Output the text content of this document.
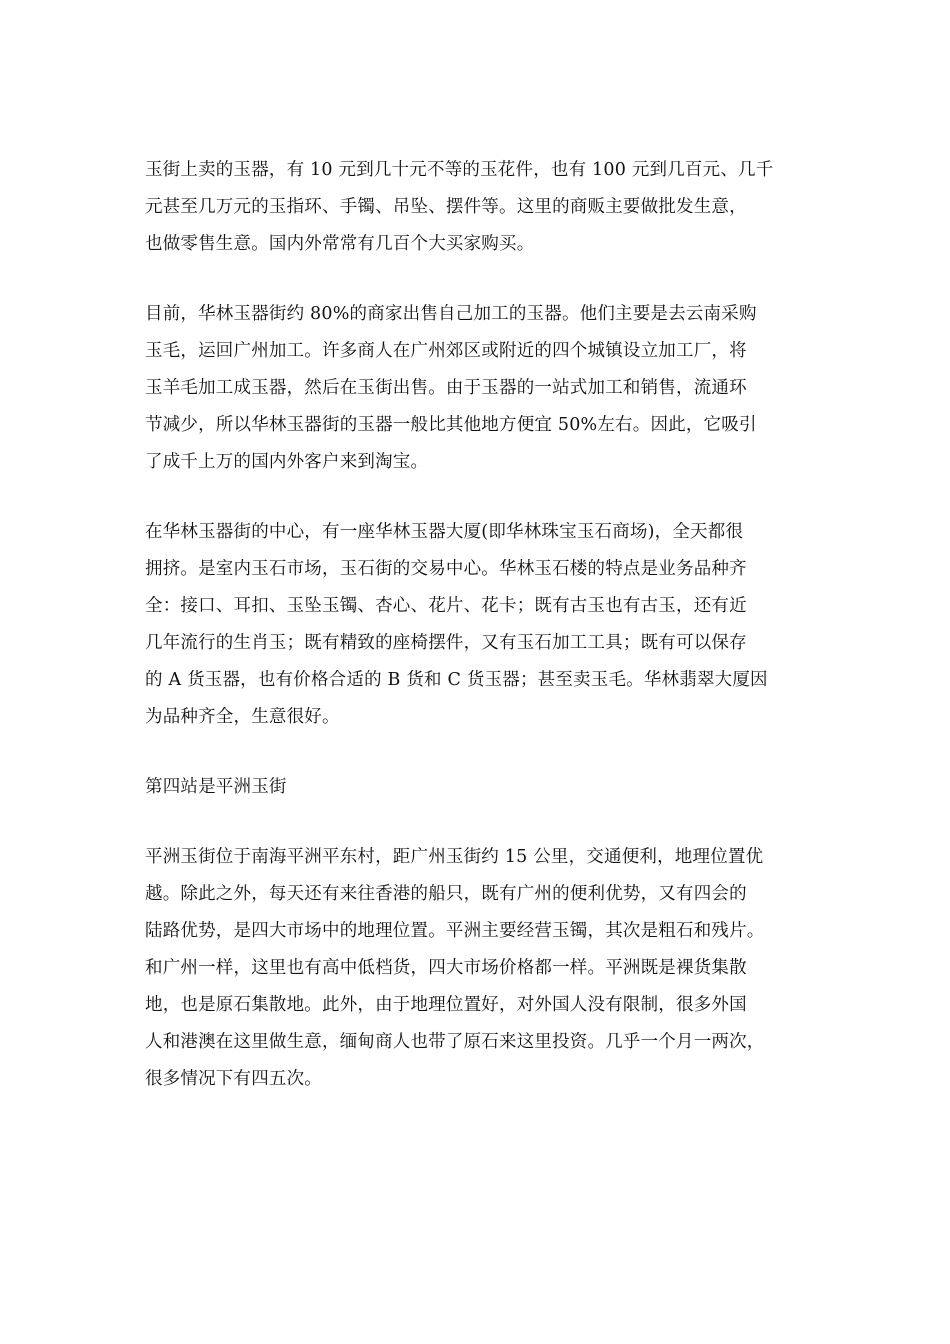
玉街上卖的玉器，有 10 元到几十元不等的玉花件，也有 100 元到几百元、几千
元甚至几万元的玉指环、手镯、吊坠、摆件等。这里的商贩主要做批发生意，
也做零售生意。国内外常常有几百个大买家购买。

目前，华林玉器街约 80%的商家出售自己加工的玉器。他们主要是去云南采购
玉毛，运回广州加工。许多商人在广州郊区或附近的四个城镇设立加工厂，将
玉羊毛加工成玉器，然后在玉街出售。由于玉器的一站式加工和销售，流通环
节减少，所以华林玉器街的玉器一般比其他地方便宜 50%左右。因此，它吸引
了成千上万的国内外客户来到淘宝。

在华林玉器街的中心，有一座华林玉器大厦(即华林珠宝玉石商场)，全天都很
拥挤。是室内玉石市场，玉石街的交易中心。华林玉石楼的特点是业务品种齐
全：接口、耳扣、玉坠玉镯、杏心、花片、花卡；既有古玉也有古玉，还有近
几年流行的生肖玉；既有精致的座椅摆件，又有玉石加工工具；既有可以保存
的 A 货玉器，也有价格合适的 B 货和 C 货玉器；甚至卖玉毛。华林翡翠大厦因
为品种齐全，生意很好。

第四站是平洲玉街

平洲玉街位于南海平洲平东村，距广州玉街约 15 公里，交通便利，地理位置优
越。除此之外，每天还有来往香港的船只，既有广州的便利优势，又有四会的
陆路优势，是四大市场中的地理位置。平洲主要经营玉镯，其次是粗石和残片。
和广州一样，这里也有高中低档货，四大市场价格都一样。平洲既是裸货集散
地，也是原石集散地。此外，由于地理位置好，对外国人没有限制，很多外国
人和港澳在这里做生意，缅甸商人也带了原石来这里投资。几乎一个月一两次，
很多情况下有四五次。
